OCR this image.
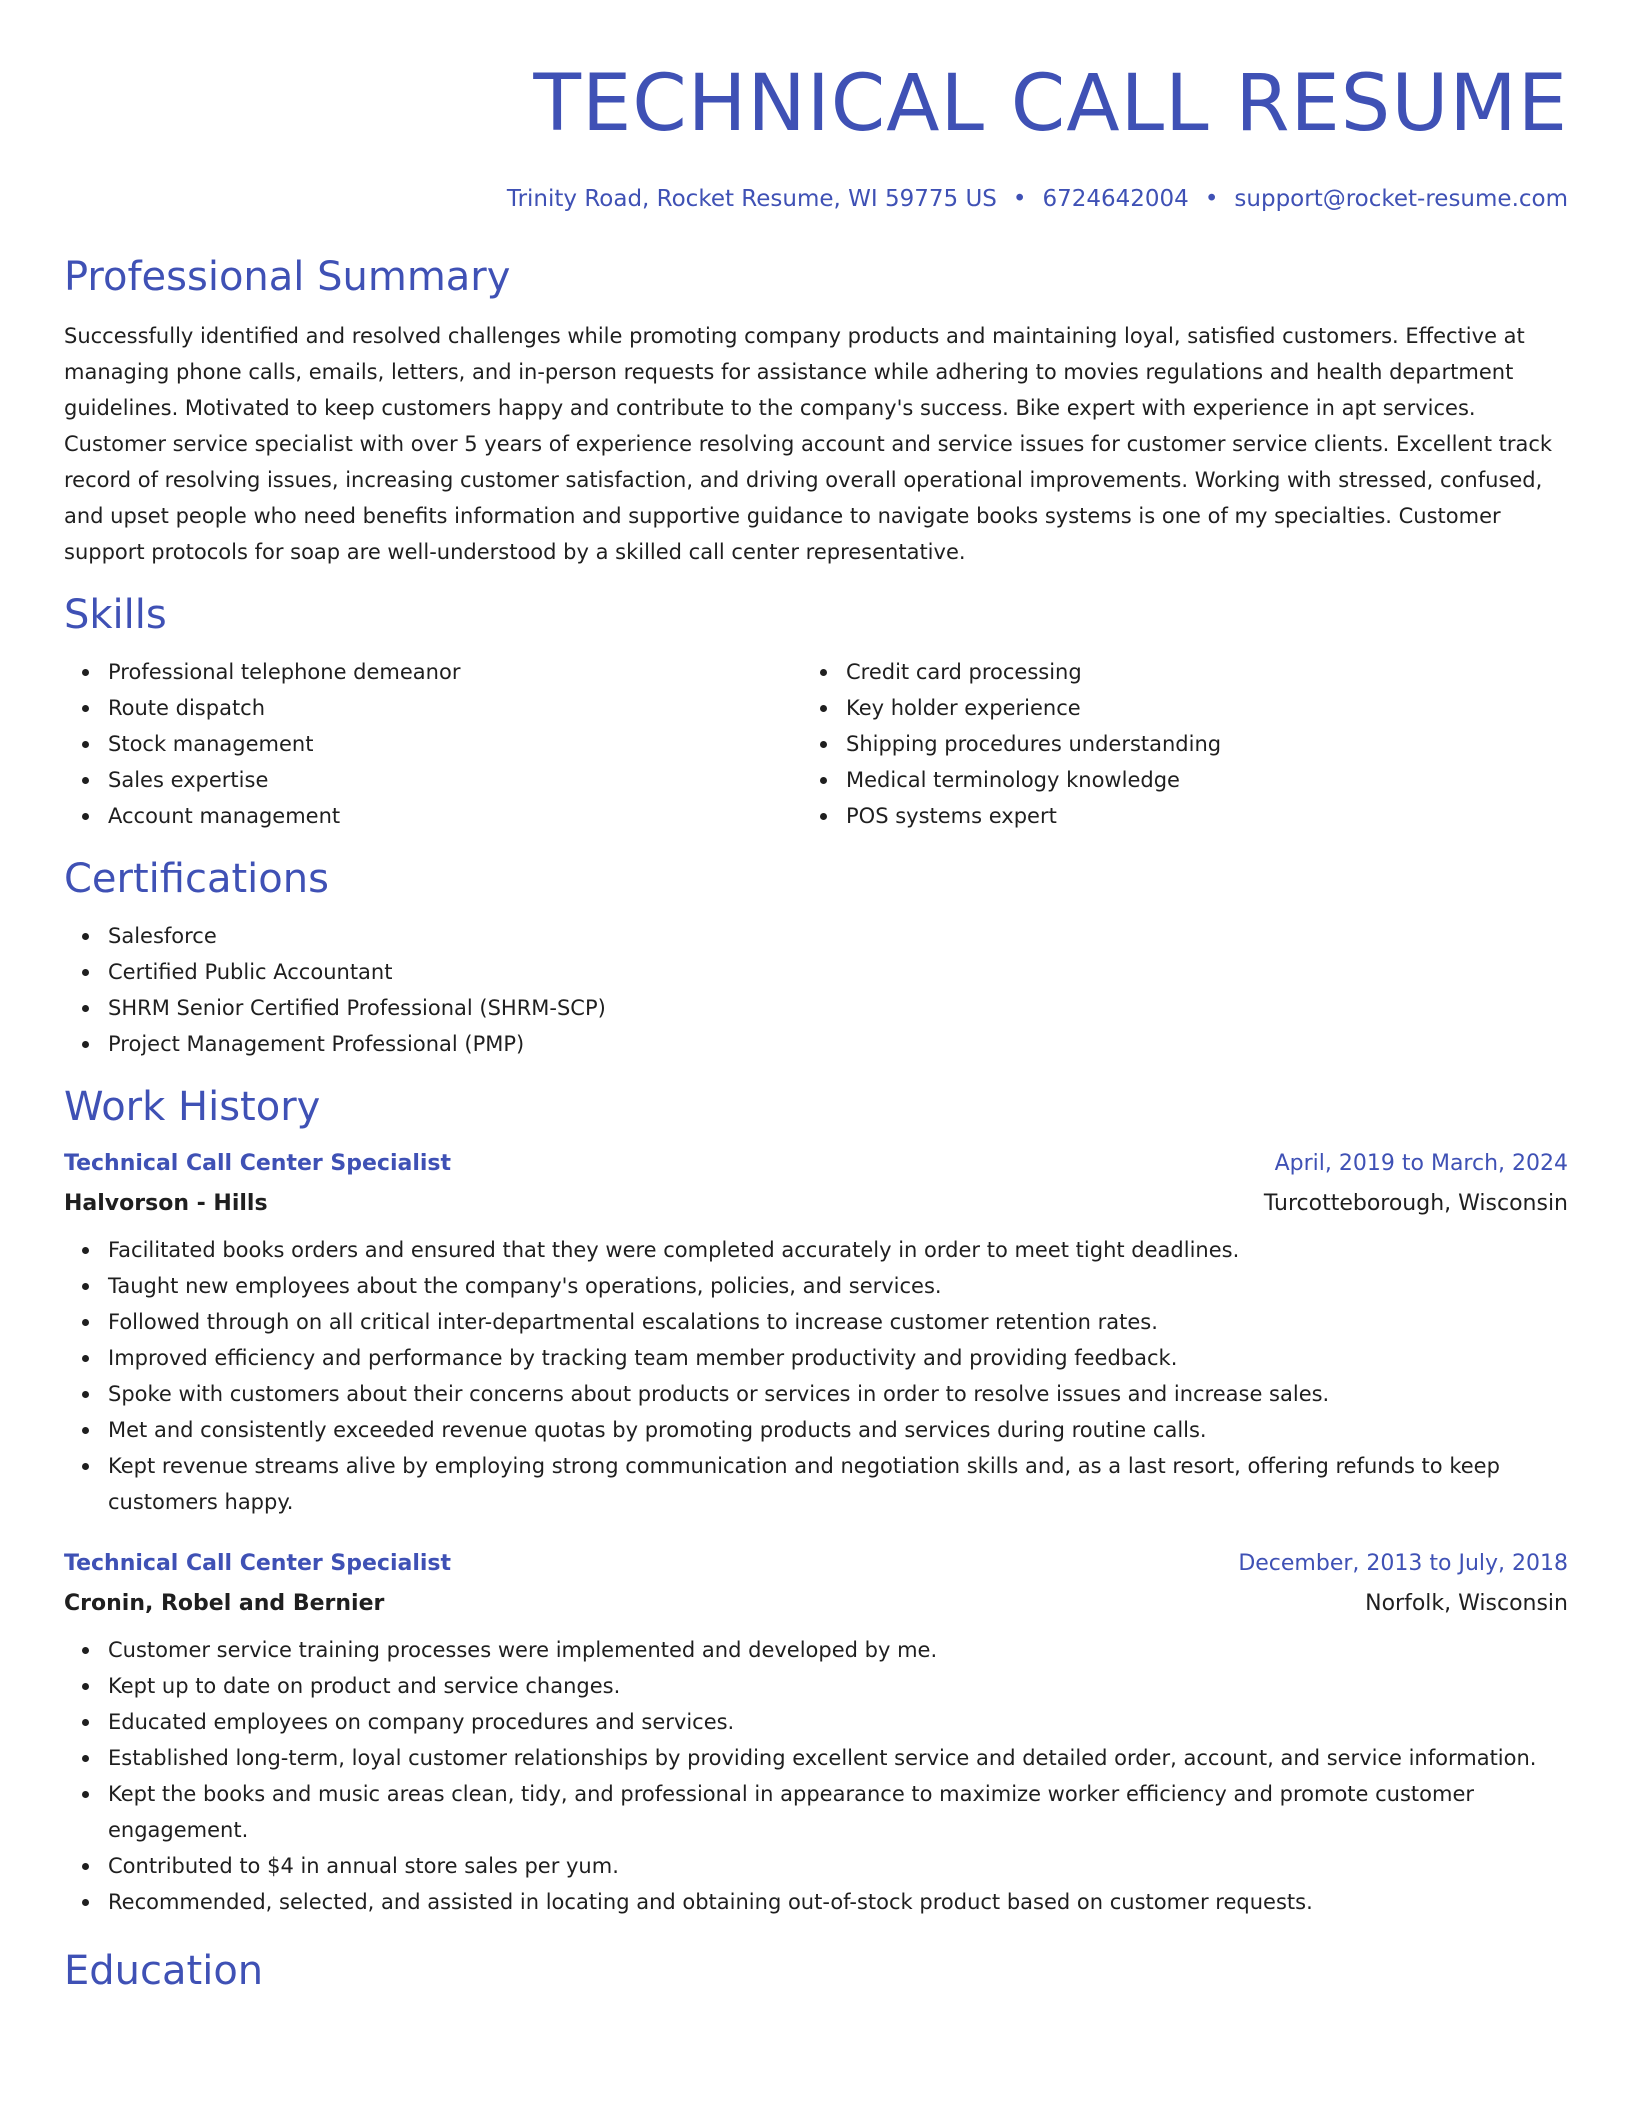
TECHNICAL CALL RESUME
Trinity Road, Rocket Resume, WI 59775 US • 6724642004 • support@rocket-resume.com
Professional Summary

Successfully identified and resolved challenges while promoting company products and maintaining loyal, satisfied customers. Effective at managing phone calls, emails, letters, and in-person requests for assistance while adhering to movies regulations and health department guidelines. Motivated to keep customers happy and contribute to the company's success. Bike expert with experience in apt services. Customer service specialist with over 5 years of experience resolving account and service issues for customer service clients. Excellent track record of resolving issues, increasing customer satisfaction, and driving overall operational improvements. Working with stressed, confused, and upset people who need benefits information and supportive guidance to navigate books systems is one of my specialties. Customer support protocols for soap are well-understood by a skilled call center representative.

Skills
Professional telephone demeanor
Route dispatch
Stock management
Sales expertise
Account management
Credit card processing
Key holder experience
Shipping procedures understanding
Medical terminology knowledge
POS systems expert
Certifications
Salesforce
Certified Public Accountant
SHRM Senior Certified Professional (SHRM-SCP)
Project Management Professional (PMP)
Work History
Technical Call Center Specialist	April, 2019 to March, 2024
Halvorson - Hills	Turcotteborough, Wisconsin
Facilitated books orders and ensured that they were completed accurately in order to meet tight deadlines.
Taught new employees about the company's operations, policies, and services.
Followed through on all critical inter-departmental escalations to increase customer retention rates.
Improved efficiency and performance by tracking team member productivity and providing feedback.
Spoke with customers about their concerns about products or services in order to resolve issues and increase sales.
Met and consistently exceeded revenue quotas by promoting products and services during routine calls.
Kept revenue streams alive by employing strong communication and negotiation skills and, as a last resort, offering refunds to keep customers happy.
Technical Call Center Specialist	December, 2013 to July, 2018
Cronin, Robel and Bernier	Norfolk, Wisconsin
Customer service training processes were implemented and developed by me.
Kept up to date on product and service changes.
Educated employees on company procedures and services.
Established long-term, loyal customer relationships by providing excellent service and detailed order, account, and service information.
Kept the books and music areas clean, tidy, and professional in appearance to maximize worker efficiency and promote customer engagement.
Contributed to $4 in annual store sales per yum.
Recommended, selected, and assisted in locating and obtaining out-of-stock product based on customer requests.
Education
